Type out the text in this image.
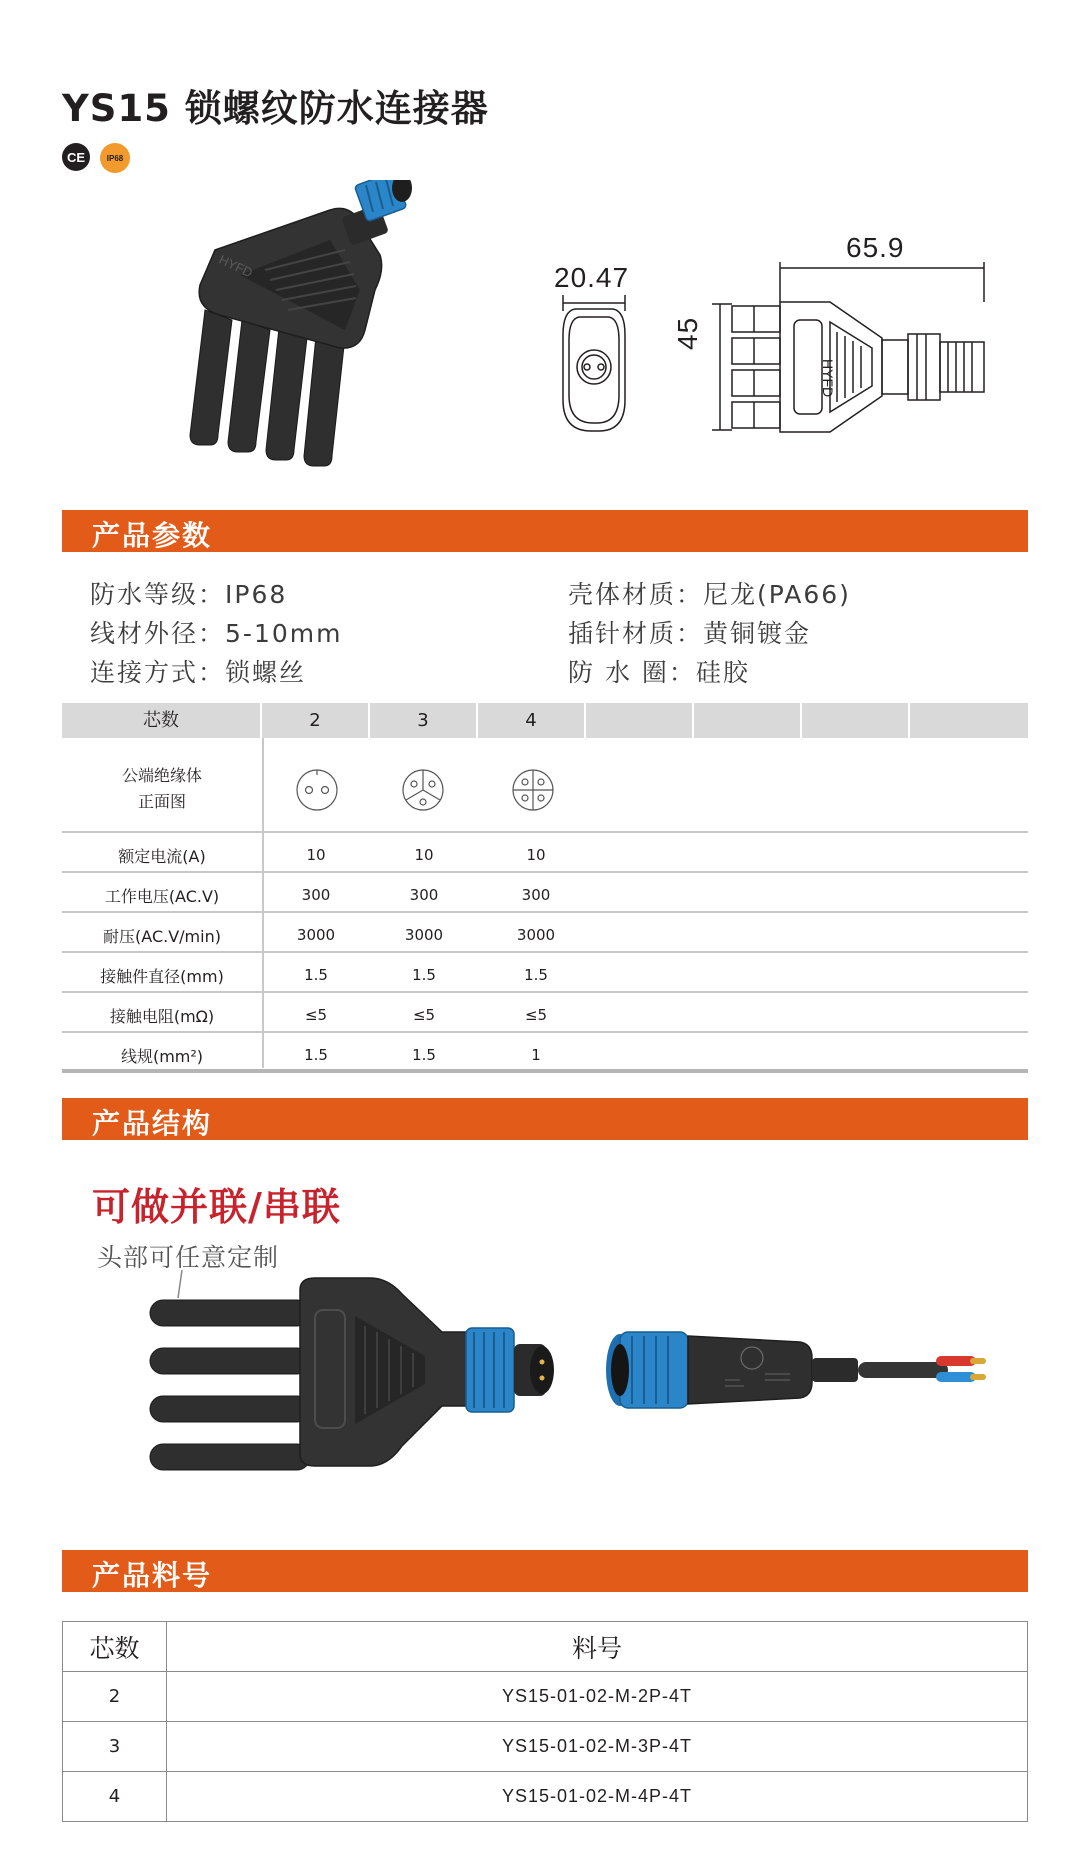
YS15 锁螺纹防水连接器
CE	IP68
HYFD	20.47
65.9
45
HYFD
产品参数
防水等级：IP68
线材外径：5-10mm
连接方式：锁螺丝
壳体材质：尼龙(PA66)
插针材质：黄铜镀金
防 水 圈：硅胶
芯数	2	3	4
公端绝缘体
正面图
额定电流(A)	10	10	10
工作电压(AC.V)	300	300	300
耐压(AC.V/min)	3000	3000	3000
接触件直径(mm)	1.5	1.5	1.5
接触电阻(mΩ)	≤5	≤5	≤5
线规(mm²)	1.5	1.5	1
产品结构
可做并联/串联
头部可任意定制
产品料号
芯数	料号
2	YS15-01-02-M-2P-4T
3	YS15-01-02-M-3P-4T
4	YS15-01-02-M-4P-4T
